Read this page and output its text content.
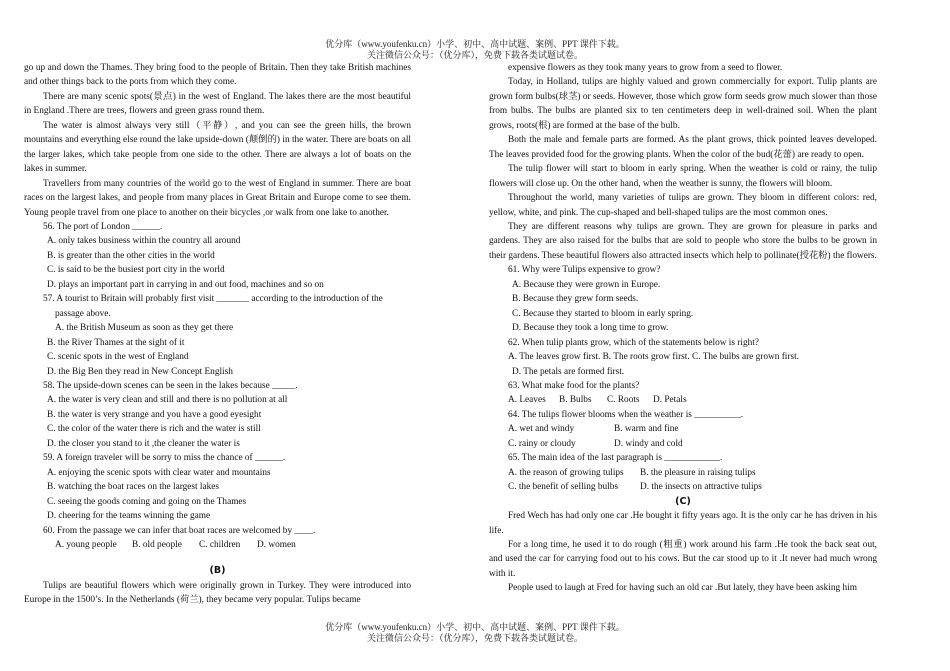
优分库（www.youfenku.cn）小学、初中、高中试题、案例、PPT 课件下载。
关注微信公众号：（优分库），免费下载各类试题试卷。

go up and down the Thames. They bring food to the people of Britain. Then they take British machines and other things back to the ports from which they come.

There are many scenic spots(景点) in the west of England. The lakes there are the most beautiful in England .There are trees, flowers and green grass round them.

The water is almost always very still（平静）, and you can see the green hills, the brown mountains and everything else round the lake upside-down (颠倒的) in the water. There are boats on all the larger lakes, which take people from one side to the other. There are always a lot of boats on the lakes in summer.

Travellers from many countries of the world go to the west of England in summer. There are boat races on the largest lakes, and people from many places in Great Britain and Europe come to see them. Young people travel from one place to another on their bicycles ,or walk from one lake to another.

56. The port of London ______.

A. only takes business within the country all around

B. is greater than the other cities in the world

C. is said to be the busiest port city in the world

D. plays an important part in carrying in and out food, machines and so on

57. A tourist to Britain will probably first visit _______ according to the introduction of the

passage above.

A. the British Museum as soon as they get there

B. the River Thames at the sight of it

C. scenic spots in the west of England

D. the Big Ben they read in New Concept English

58. The upside-down scenes can be seen in the lakes because _____.

A. the water is very clean and still and there is no pollution at all

B. the water is very strange and you have a good eyesight

C. the color of the water there is rich and the water is still

D. the closer you stand to it ,the cleaner the water is

59. A foreign traveler will be sorry to miss the chance of ______.

A. enjoying the scenic spots with clear water and mountains

B. watching the boat races on the largest lakes

C. seeing the goods coming and going on the Thames

D. cheering for the teams winning the game

60. From the passage we can infer that boat races are welcomed by ____.

A. young people B. old people C. children D. women

(B)

Tulips are beautiful flowers which were originally grown in Turkey. They were introduced into Europe in the 1500’s. In the Netherlands (荷兰), they became very popular. Tulips became

expensive flowers as they took many years to grow from a seed to flower.

Today, in Holland, tulips are highly valued and grown commercially for export. Tulip plants are grown form bulbs(球茎) or seeds. However, those which grow form seeds grow much slower than those from bulbs. The bulbs are planted six to ten centimeters deep in well-drained soil. When the plant grows, roots(根) are formed at the base of the bulb.

Both the male and female parts are formed. As the plant grows, thick pointed leaves developed. The leaves provided food for the growing plants. When the color of the bud(花蕾) are ready to open.

The tulip flower will start to bloom in early spring. When the weather is cold or rainy, the tulip flowers will close up. On the other hand, when the weather is sunny, the flowers will bloom.

Throughout the world, many varieties of tulips are grown. They bloom in different colors: red, yellow, white, and pink. The cup-shaped and bell-shaped tulips are the most common ones.

They are different reasons why tulips are grown. They are grown for pleasure in parks and gardens. They are also raised for the bulbs that are sold to people who store the bulbs to be grown in their gardens. These beautiful flowers also attracted insects which help to pollinate(授花粉) the flowers.

61. Why were Tulips expensive to grow?

A. Because they were grown in Europe.

B. Because they grew form seeds.

C. Because they started to bloom in early spring.

D. Because they took a long time to grow.

62. When tulip plants grow, which of the statements below is right?

A. The leaves grow first. B. The roots grow first. C. The bulbs are grown first.

D. The petals are formed first.

63. What make food for the plants?

A. Leaves B. Bulbs C. Roots D. Petals

64. The tulips flower blooms when the weather is __________.

A. wet and windy	B. warm and fine

C. rainy or cloudy	D. windy and cold

65. The main idea of the last paragraph is ____________.

A. the reason of growing tulips B. the pleasure in raising tulips

C. the benefit of selling bulbs D. the insects on attractive tulips

(C)

Fred Wech has had only one car .He bought it fifty years ago. It is the only car he has driven in his life.

For a long time, he used it to do rough (粗重) work around his farm .He took the back seat out, and used the car for carrying food out to his cows. But the car stood up to it .It never had much wrong with it.

People used to laugh at Fred for having such an old car .But lately, they have been asking him

优分库（www.youfenku.cn）小学、初中、高中试题、案例、PPT 课件下载。
关注微信公众号：（优分库），免费下载各类试题试卷。
